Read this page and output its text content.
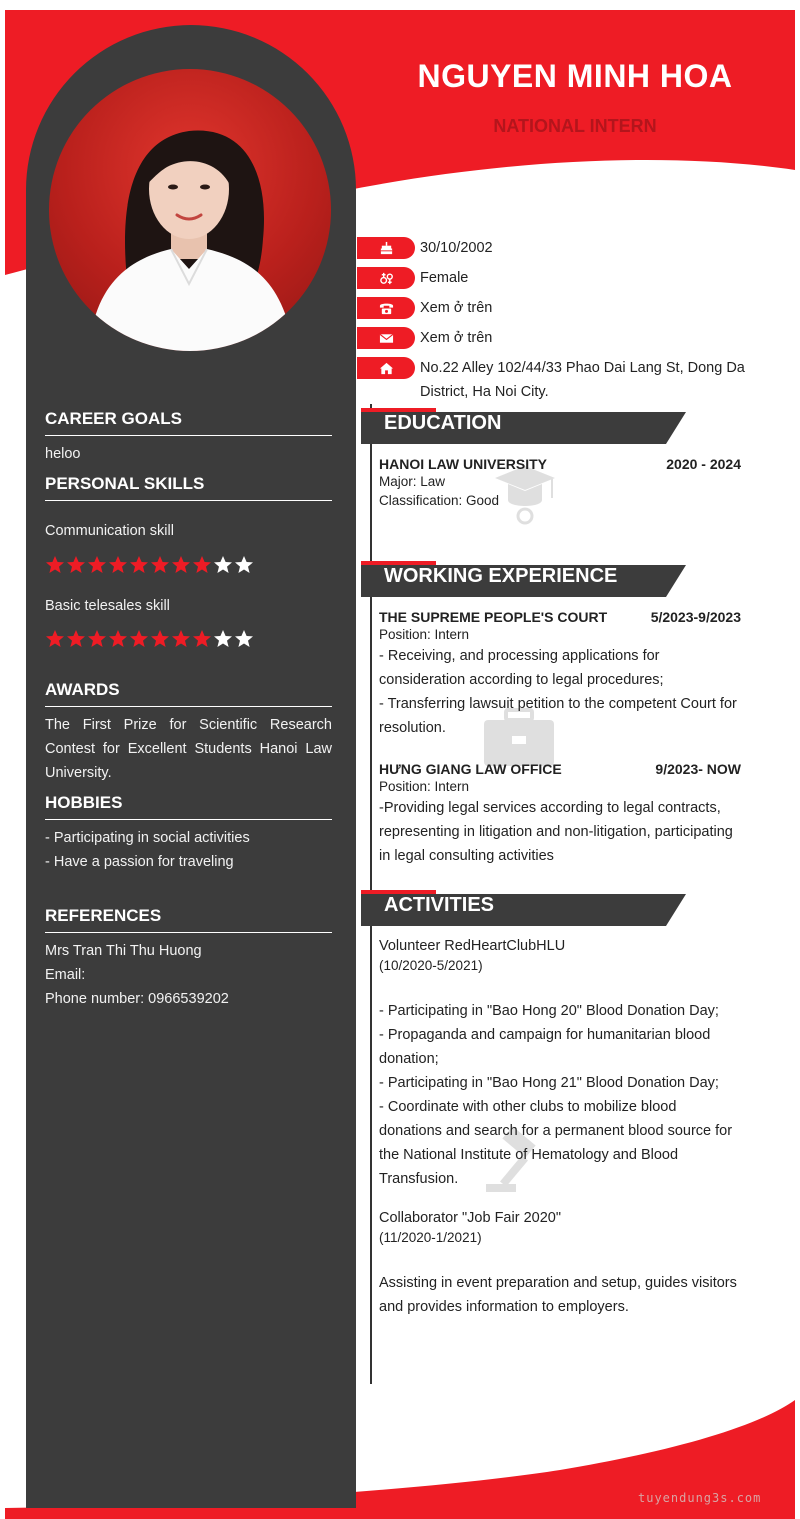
NGUYEN MINH HOA
NATIONAL INTERN
30/10/2002
Female
Xem ở trên
Xem ở trên
No.22 Alley 102/44/33 Phao Dai Lang St, Dong Da District, Ha Noi City.
EDUCATION
WORKING EXPERIENCE
ACTIVITIES
HANOI LAW UNIVERSITY	2020 - 2024
Major: Law
Classification: Good
THE SUPREME PEOPLE'S COURT	5/2023-9/2023
Position: Intern
- Receiving, and processing applications for consideration according to legal procedures;
- Transferring lawsuit petition to the competent Court for resolution.
HƯNG GIANG LAW OFFICE	9/2023- NOW
Position: Intern
-Providing legal services according to legal contracts, representing in litigation and non-litigation, participating in legal consulting activities
Volunteer RedHeartClubHLU
(10/2020-5/2021)
- Participating in "Bao Hong 20" Blood Donation Day;
- Propaganda and campaign for humanitarian blood donation;
- Participating in "Bao Hong 21" Blood Donation Day;
- Coordinate with other clubs to mobilize blood donations and search for a permanent blood source for the National Institute of Hematology and Blood Transfusion.
Collaborator "Job Fair 2020"
(11/2020-1/2021)
Assisting in event preparation and setup, guides visitors and provides information to employers.
CAREER GOALS
heloo
PERSONAL SKILLS
Communication skill
Basic telesales skill
AWARDS
The First Prize for Scientific Research Contest for Excellent Students Hanoi Law University.
HOBBIES
- Participating in social activities
- Have a passion for traveling
REFERENCES
Mrs Tran Thi Thu Huong
Email:
Phone number: 0966539202
tuyendung3s.com
